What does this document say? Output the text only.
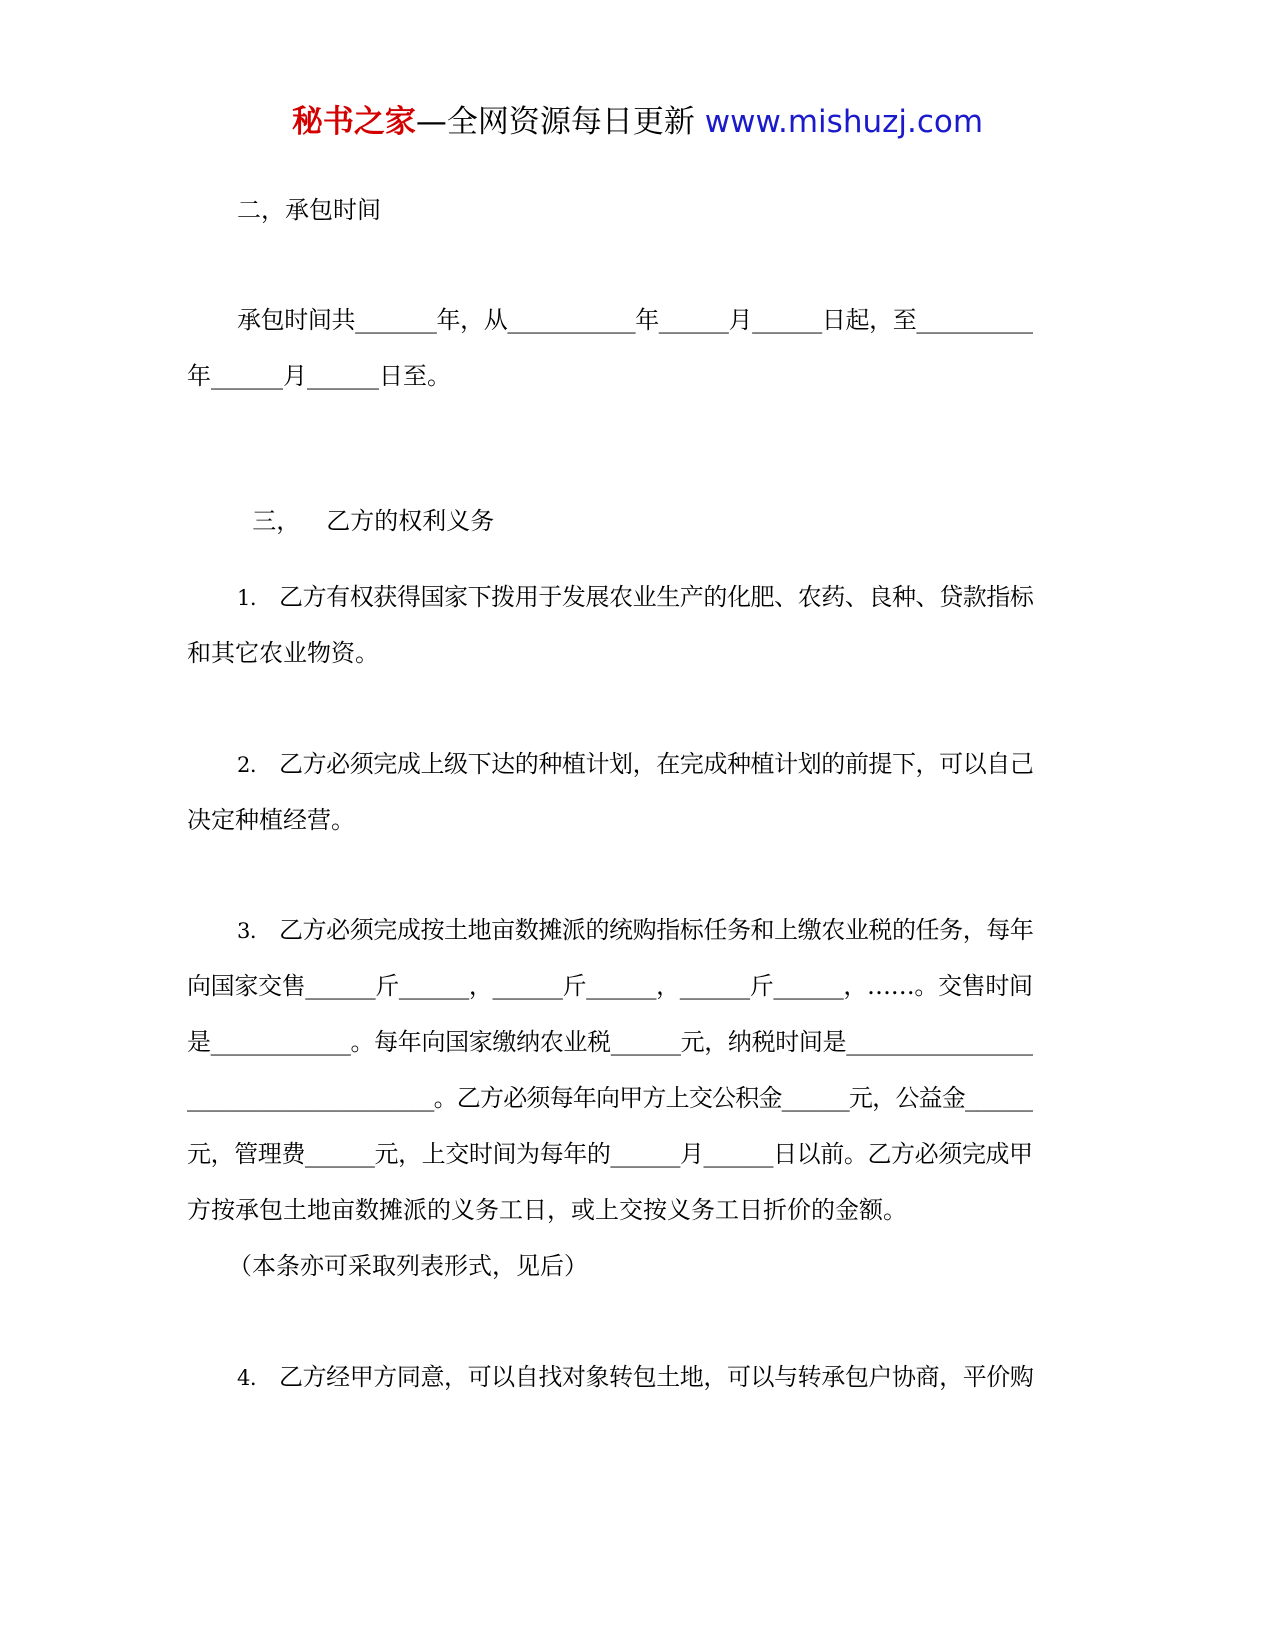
秘书之家—全网资源每日更新 www.mishuzj.com
二，承包时间
承包时间共_______年，从___________年______月______日起，至__________
年______月______日至。

三， 乙方的权利义务

1. 乙方有权获得国家下拨用于发展农业生产的化肥、农药、良种、贷款指标
和其它农业物资。
2. 乙方必须完成上级下达的种植计划，在完成种植计划的前提下，可以自己
决定种植经营。
3. 乙方必须完成按土地亩数摊派的统购指标任务和上缴农业税的任务，每年
向国家交售______斤______，______斤______，______斤______，……。交售时间
是____________。每年向国家缴纳农业税______元，纳税时间是________________
______________________。乙方必须每年向甲方上交公积金______元，公益金______
元，管理费______元，上交时间为每年的______月______日以前。乙方必须完成甲
方按承包土地亩数摊派的义务工日，或上交按义务工日折价的金额。
（本条亦可采取列表形式，见后）
4. 乙方经甲方同意，可以自找对象转包土地，可以与转承包户协商，平价购
